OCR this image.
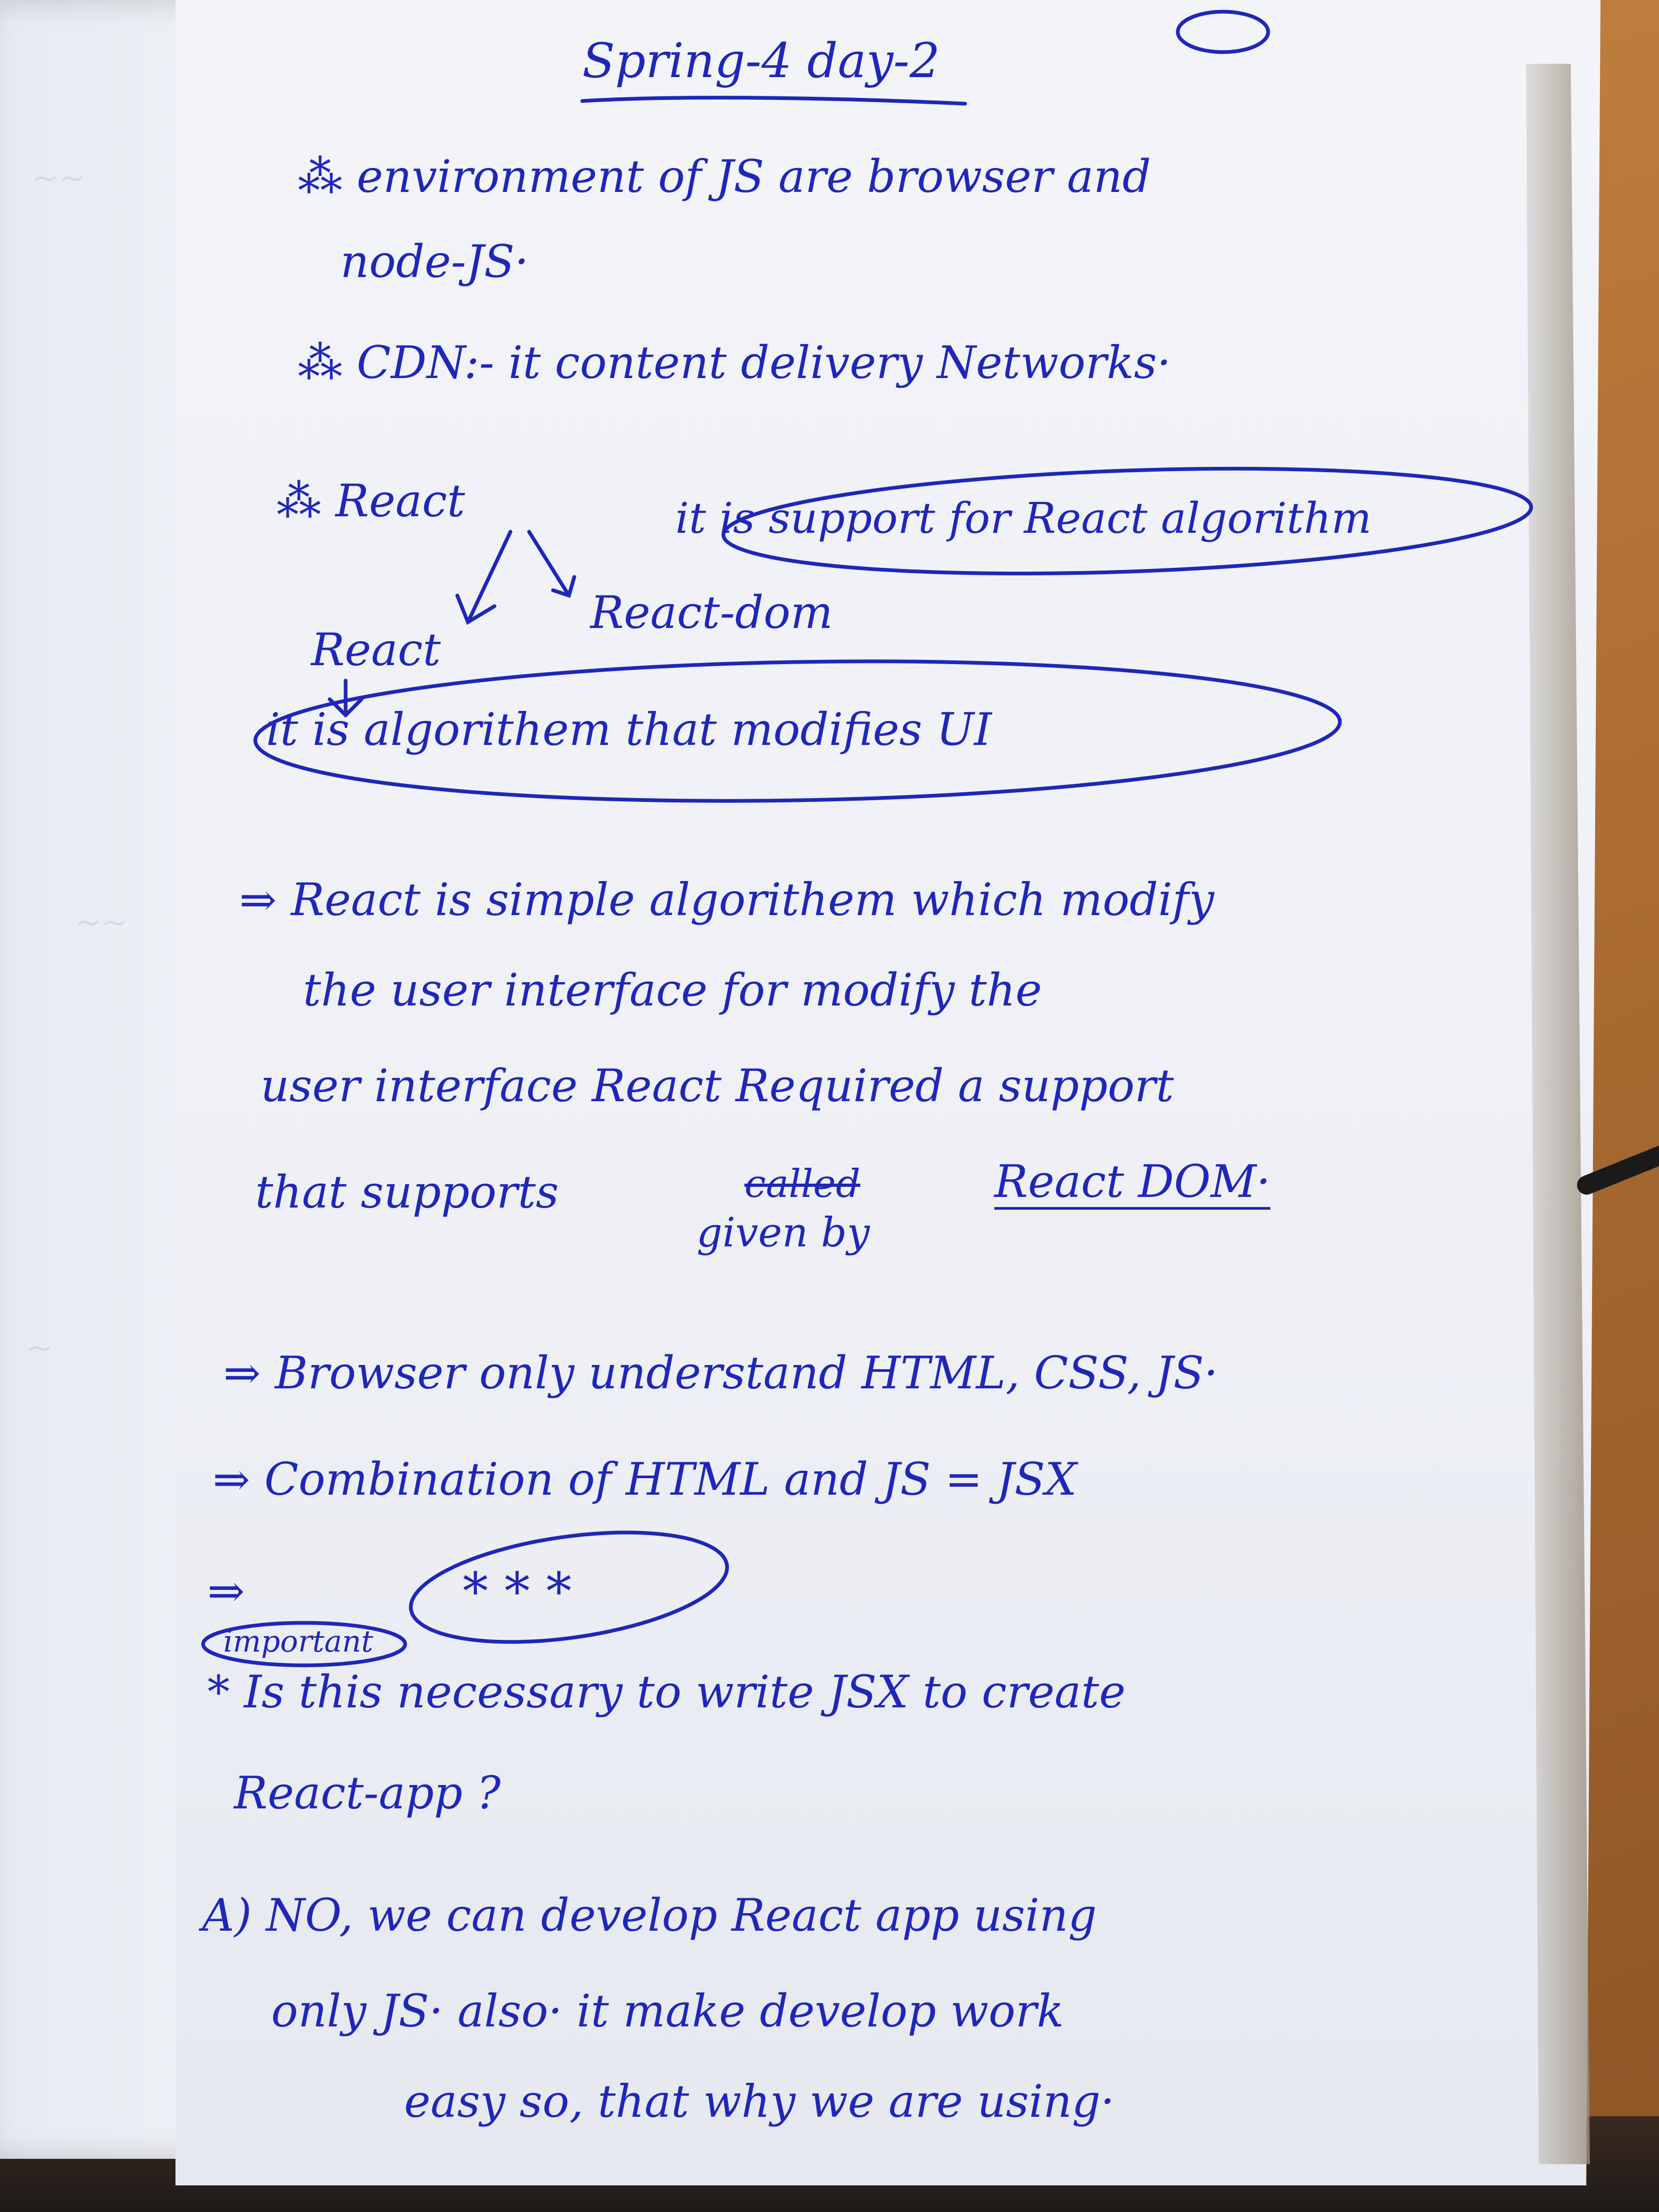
~~
~~
~
Spring-4 day-2
⁂ environment of JS are browser and
node-JS·
⁂ CDN:- it content delivery Networks·
⁂ React	it is support for React algorithm
React-dom
React
it is algorithem that modifies UI
⇒ React is simple algorithem which modify
the user interface for modify the
user interface React Required a support
that supports	called	React DOM·
given by
⇒ Browser only understand HTML, CSS, JS·
⇒ Combination of HTML and JS = JSX
⇒
important
* * *
* Is this necessary to write JSX to create
React-app ?
A) NO, we can develop React app using
only JS· also· it make develop work
easy so, that why we are using·
